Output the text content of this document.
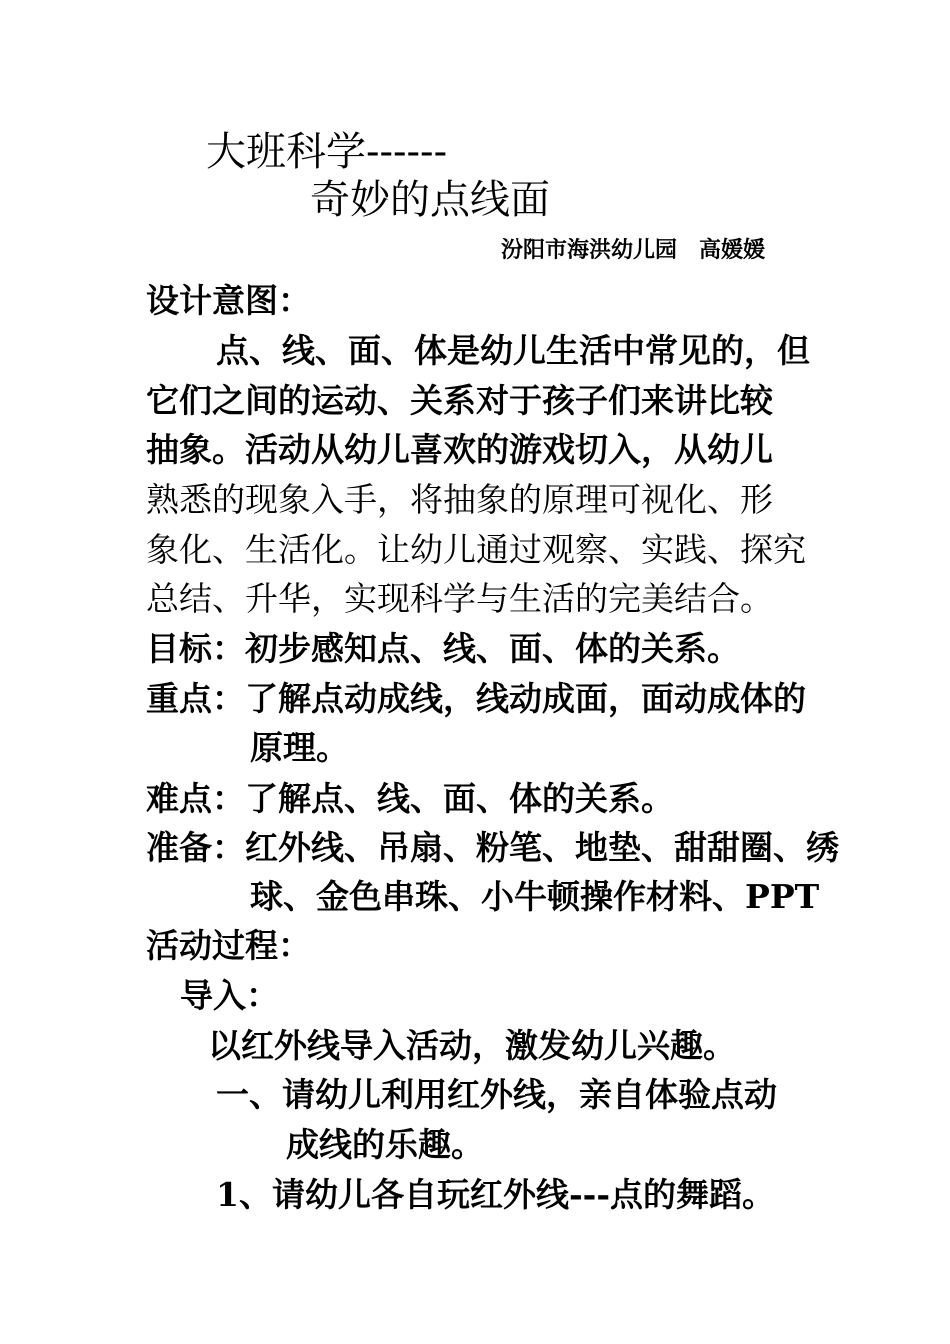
大班科学------
奇妙的点线面
汾阳市海洪幼儿园　高媛媛
设计意图：
点、线、面、体是幼儿生活中常见的，但
它们之间的运动、关系对于孩子们来讲比较
抽象。活动从幼儿喜欢的游戏切入，从幼儿
熟悉的现象入手，将抽象的原理可视化、形
象化、生活化。让幼儿通过观察、实践、探究
总结、升华，实现科学与生活的完美结合。
目标：初步感知点、线、面、体的关系。
重点：了解点动成线，线动成面，面动成体的
原理。
难点：了解点、线、面、体的关系。
准备：红外线、吊扇、粉笔、地垫、甜甜圈、绣
球、金色串珠、小牛顿操作材料、PPT
活动过程：
导入：
以红外线导入活动，激发幼儿兴趣。
一、请幼儿利用红外线，亲自体验点动
成线的乐趣。
1、请幼儿各自玩红外线---点的舞蹈。
